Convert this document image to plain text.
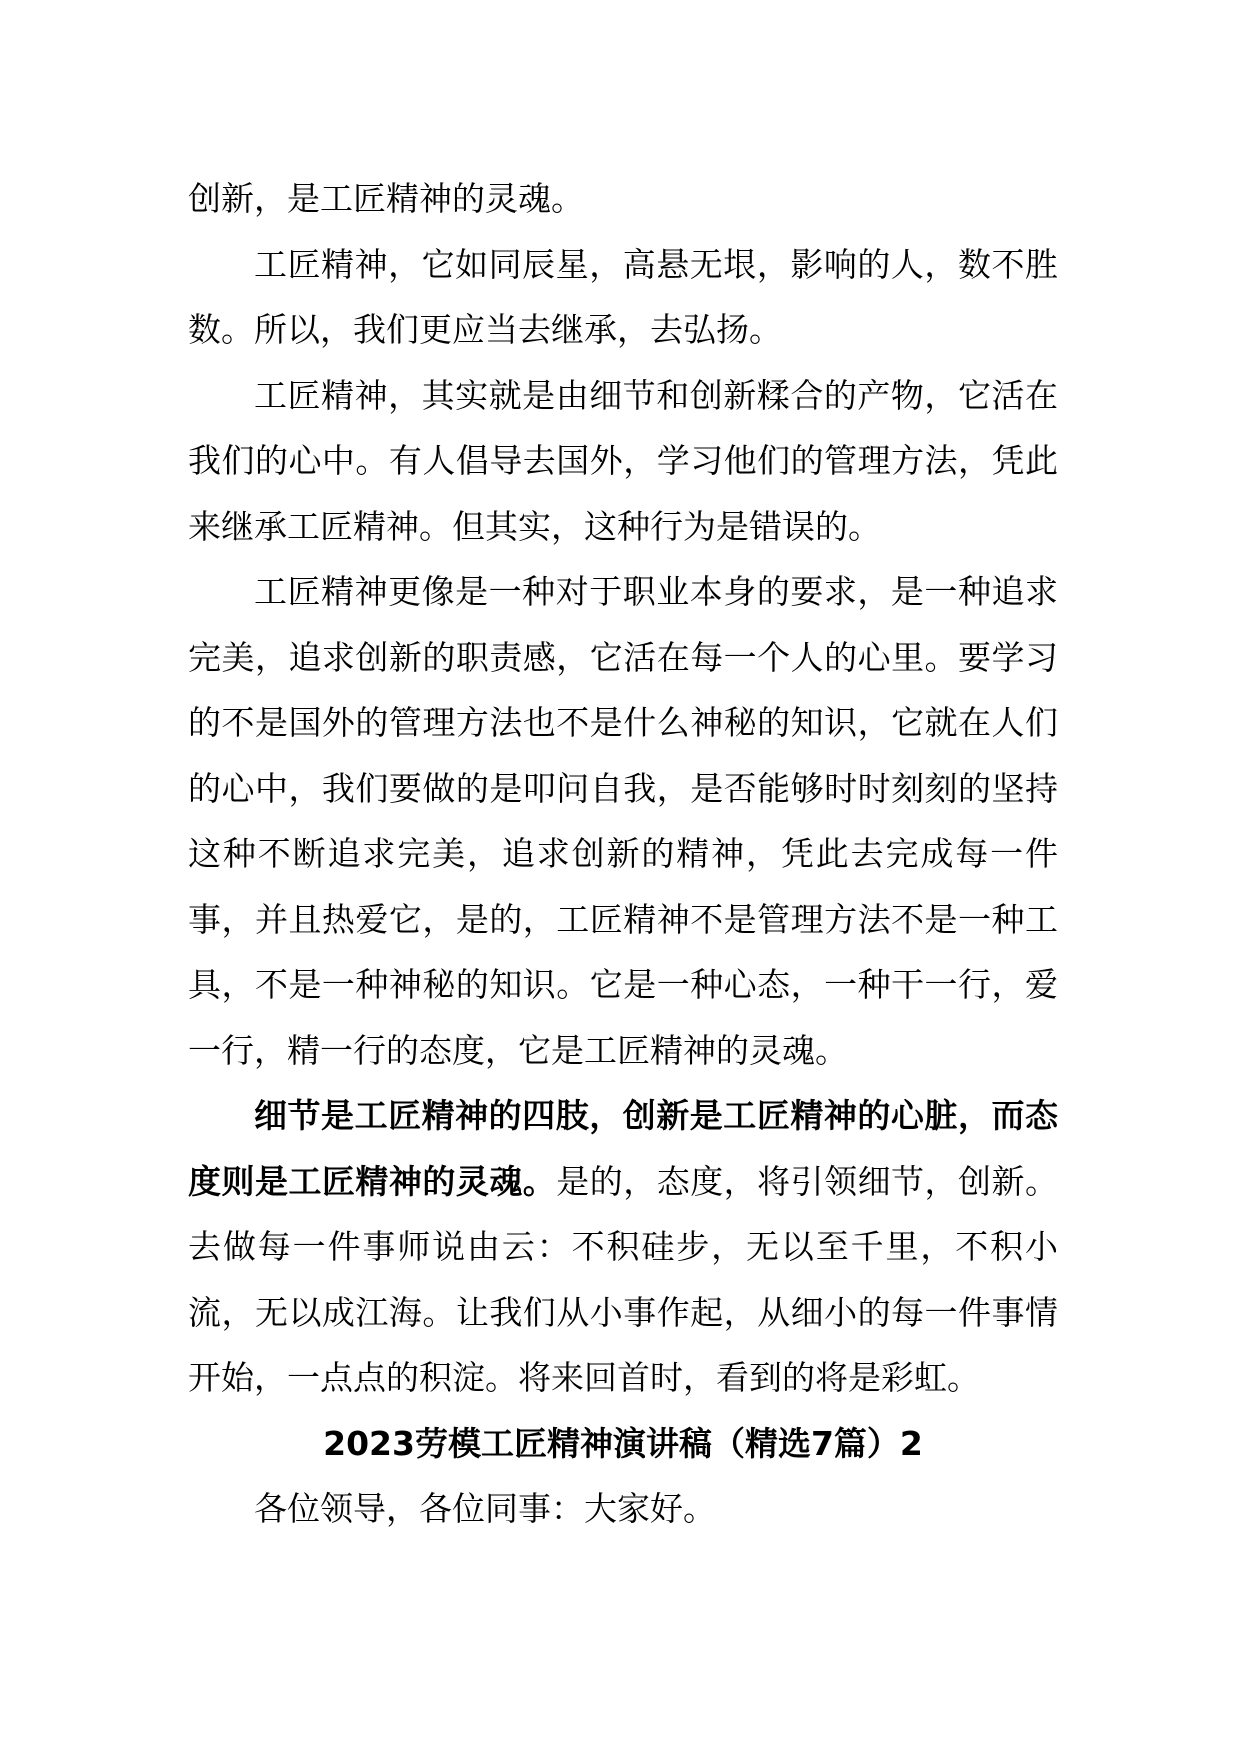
创新，是工匠精神的灵魂。

工匠精神，它如同辰星，高悬无垠，影响的人，数不胜数。所以，我们更应当去继承，去弘扬。

工匠精神，其实就是由细节和创新糅合的产物，它活在我们的心中。有人倡导去国外，学习他们的管理方法，凭此来继承工匠精神。但其实，这种行为是错误的。

工匠精神更像是一种对于职业本身的要求，是一种追求完美，追求创新的职责感，它活在每一个人的心里。要学习的不是国外的管理方法也不是什么神秘的知识，它就在人们的心中，我们要做的是叩问自我，是否能够时时刻刻的坚持这种不断追求完美，追求创新的精神，凭此去完成每一件事，并且热爱它，是的，工匠精神不是管理方法不是一种工具，不是一种神秘的知识。它是一种心态，一种干一行，爱一行，精一行的态度，它是工匠精神的灵魂。

细节是工匠精神的四肢，创新是工匠精神的心脏，而态度则是工匠精神的灵魂。是的，态度，将引领细节，创新。去做每一件事师说由云：不积硅步，无以至千里，不积小流，无以成江海。让我们从小事作起，从细小的每一件事情开始，一点点的积淀。将来回首时，看到的将是彩虹。

2023劳模工匠精神演讲稿（精选7篇）2

各位领导，各位同事：大家好。
